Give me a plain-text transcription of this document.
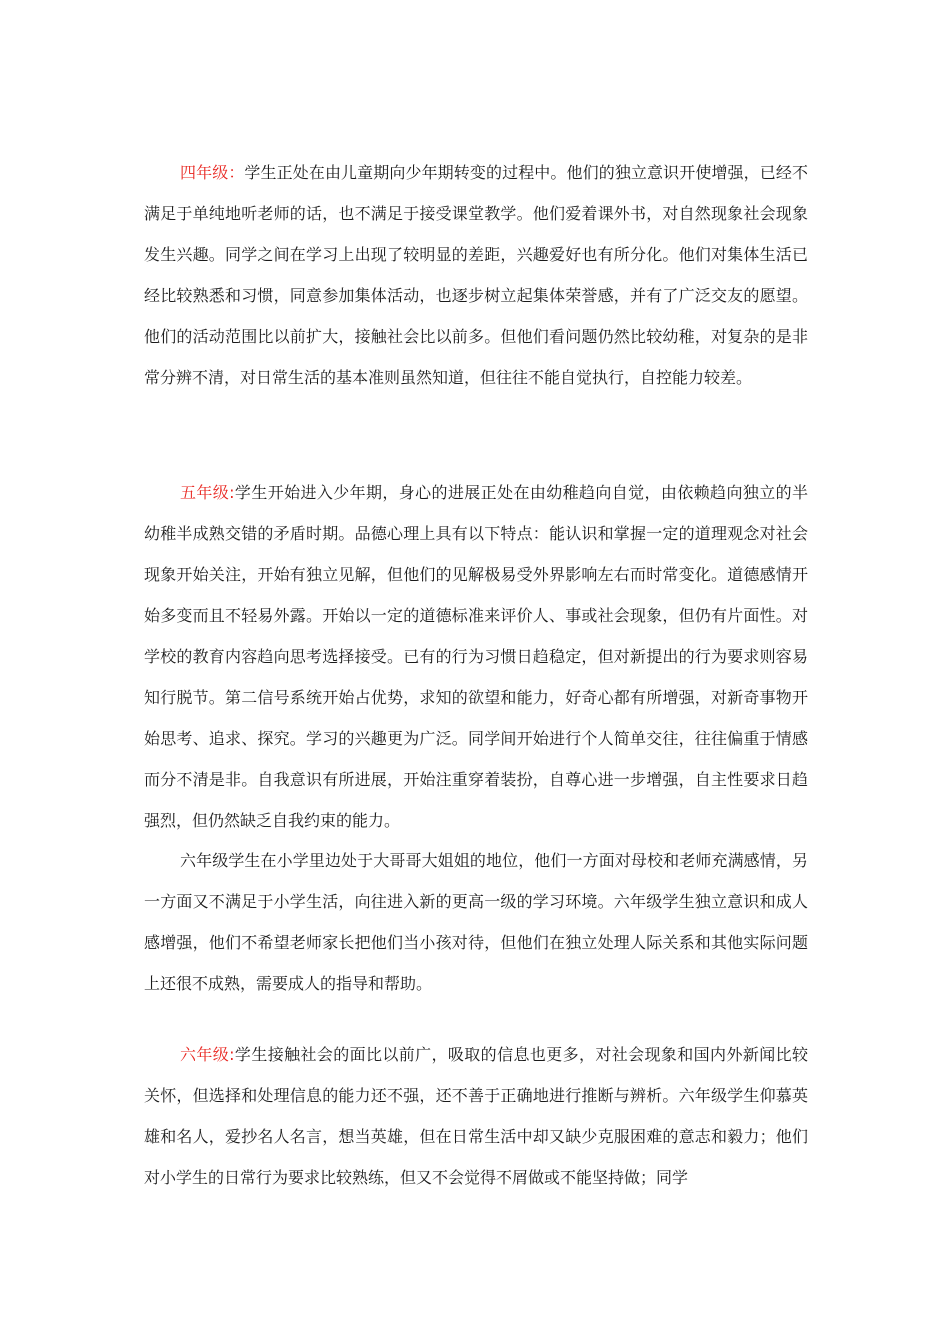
四年级：学生正处在由儿童期向少年期转变的过程中。他们的独立意识开使增强，已经不满足于单纯地听老师的话，也不满足于接受课堂教学。他们爱着课外书，对自然现象社会现象发生兴趣。同学之间在学习上出现了较明显的差距，兴趣爱好也有所分化。他们对集体生活已经比较熟悉和习惯，同意参加集体活动，也逐步树立起集体荣誉感，并有了广泛交友的愿望。他们的活动范围比以前扩大，接触社会比以前多。但他们看问题仍然比较幼稚，对复杂的是非常分辨不清，对日常生活的基本准则虽然知道，但往往不能自觉执行，自控能力较差。

五年级:学生开始进入少年期，身心的进展正处在由幼稚趋向自觉，由依赖趋向独立的半幼稚半成熟交错的矛盾时期。品德心理上具有以下特点：能认识和掌握一定的道理观念对社会现象开始关注，开始有独立见解，但他们的见解极易受外界影响左右而时常变化。道德感情开始多变而且不轻易外露。开始以一定的道德标准来评价人、事或社会现象，但仍有片面性。对学校的教育内容趋向思考选择接受。已有的行为习惯日趋稳定，但对新提出的行为要求则容易知行脱节。第二信号系统开始占优势，求知的欲望和能力，好奇心都有所增强，对新奇事物开始思考、追求、探究。学习的兴趣更为广泛。同学间开始进行个人简单交往，往往偏重于情感而分不清是非。自我意识有所进展，开始注重穿着装扮，自尊心进一步增强，自主性要求日趋强烈，但仍然缺乏自我约束的能力。

六年级学生在小学里边处于大哥哥大姐姐的地位，他们一方面对母校和老师充满感情，另一方面又不满足于小学生活，向往进入新的更高一级的学习环境。六年级学生独立意识和成人感增强，他们不希望老师家长把他们当小孩对待，但他们在独立处理人际关系和其他实际问题上还很不成熟，需要成人的指导和帮助。

六年级:学生接触社会的面比以前广，吸取的信息也更多，对社会现象和国内外新闻比较关怀，但选择和处理信息的能力还不强，还不善于正确地进行推断与辨析。六年级学生仰慕英雄和名人，爱抄名人名言，想当英雄，但在日常生活中却又缺少克服困难的意志和毅力；他们对小学生的日常行为要求比较熟练，但又不会觉得不屑做或不能坚持做；同学
